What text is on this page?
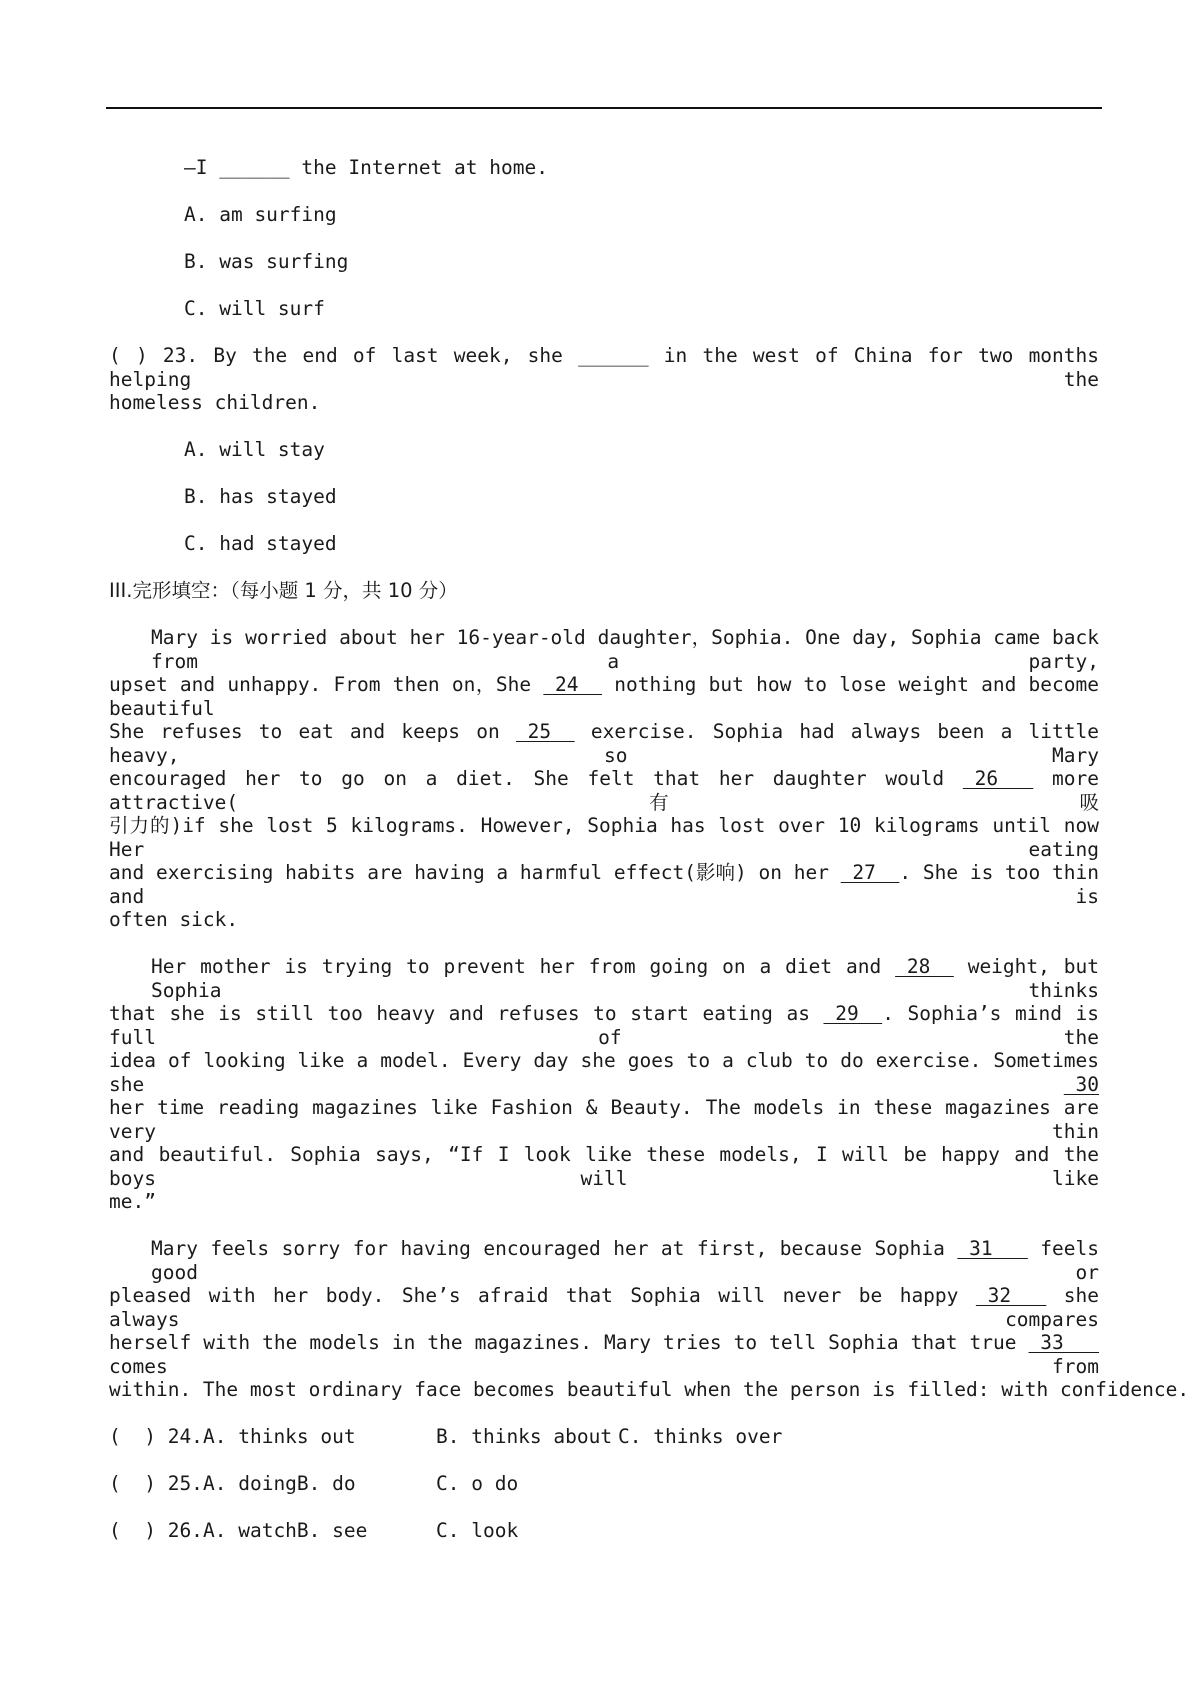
—I ______ the Internet at home.
A. am surfing
B. was surfing
C. will surf
( ) 23. By the end of last week, she ______ in the west of China for two months helping the
homeless children.
A. will stay
B. has stayed
C. had stayed
III.完形填空：（每小题 1 分，共 10 分）
Mary is worried about her 16-year-old daughter，Sophia. One day, Sophia came back from a party,
upset and unhappy. From then on，She  24   nothing but how to lose weight and become beautiful
She refuses to eat and keeps on  25   exercise. Sophia had always been a little heavy, so Mary
encouraged her to go on a diet. She felt that her daughter would  26    more attractive(有吸
引力的)if she lost 5 kilograms. However, Sophia has lost over 10 kilograms until now Her eating
and exercising habits are having a harmful effect(影响) on her  27  . She is too thin and is
often sick.
Her mother is trying to prevent her from going on a diet and  28   weight, but Sophia thinks
that she is still too heavy and refuses to start eating as  29  . Sophia’s mind is full of the
idea of looking like a model. Every day she goes to a club to do exercise. Sometimes she  30
her time reading magazines like Fashion & Beauty. The models in these magazines are very thin
and beautiful. Sophia says, “If I look like these models, I will be happy and the boys will like
me.”
Mary feels sorry for having encouraged her at first, because Sophia  31    feels good or
pleased with her body. She’s afraid that Sophia will never be happy  32    she always compares
herself with the models in the magazines. Mary tries to tell Sophia that true  33    comes from
within. The most ordinary face becomes beautiful when the person is filled: with confidence.
(  ) 24.
A. thinks out	B. thinks about C. thinks over
(  ) 25.
A. doingB. do	C. o do
(  ) 26.
A. watchB. see	C. look
